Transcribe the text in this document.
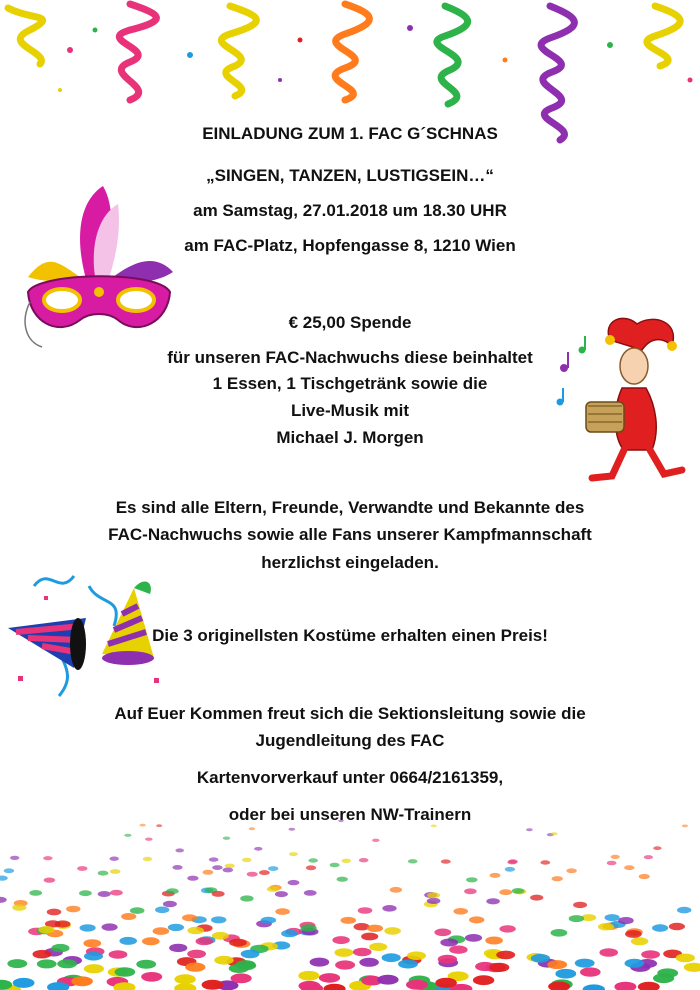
EINLADUNG ZUM 1. FAC G´SCHNAS
„SINGEN, TANZEN, LUSTIGSEIN…“
am Samstag, 27.01.2018 um 18.30 UHR
am FAC-Platz, Hopfengasse 8, 1210 Wien
€ 25,00 Spende
für unseren FAC-Nachwuchs diese beinhaltet
1 Essen, 1 Tischgetränk sowie die
Live-Musik mit
Michael J. Morgen
Es sind alle Eltern, Freunde, Verwandte und Bekannte des
FAC-Nachwuchs sowie alle Fans unserer Kampfmannschaft
herzlichst eingeladen.
Die 3 originellsten Kostüme erhalten einen Preis!
Auf Euer Kommen freut sich die Sektionsleitung sowie die
Jugendleitung des FAC
Kartenvorverkauf unter 0664/2161359,
oder bei unseren NW-Trainern
